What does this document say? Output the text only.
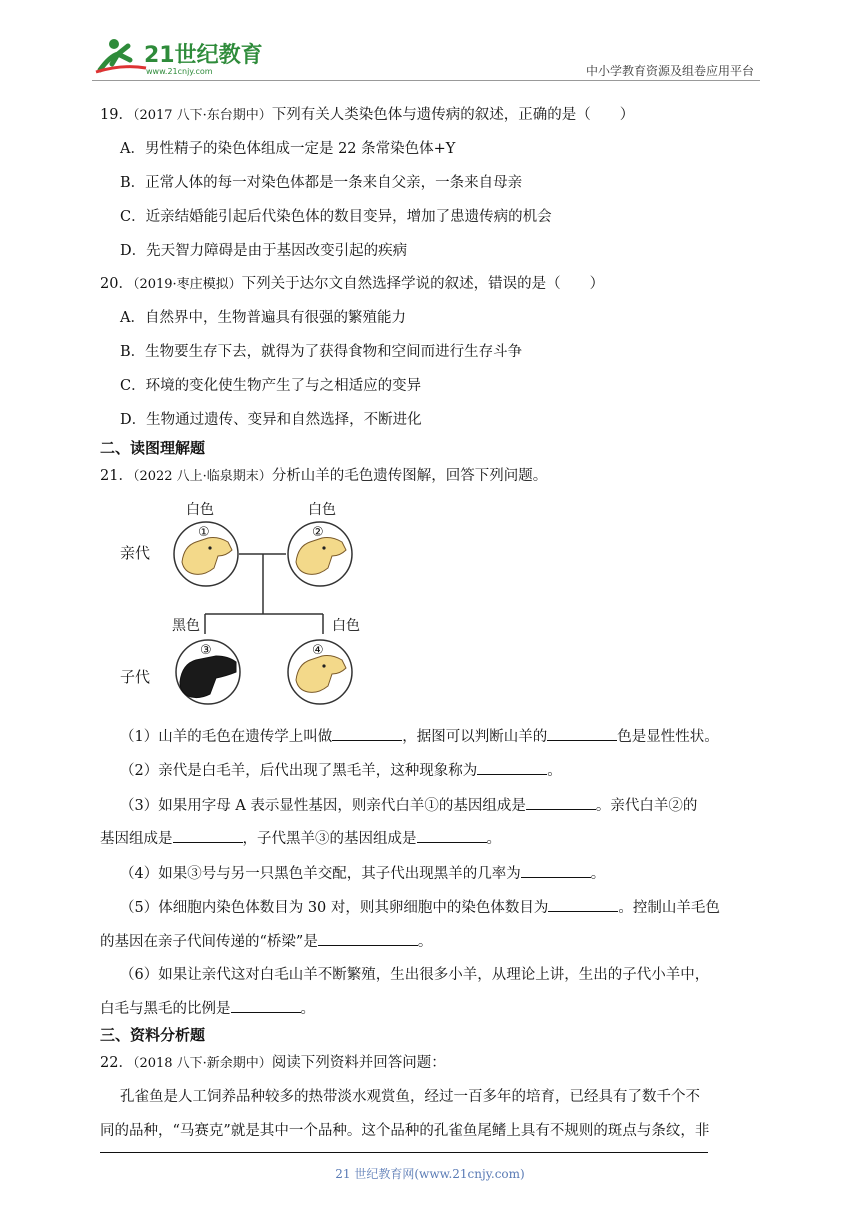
21世纪教育
www.21cnjy.com	中小学教育资源及组卷应用平台
19．（2017 八下·东台期中）下列有关人类染色体与遗传病的叙述，正确的是（　　）
A．男性精子的染色体组成一定是 22 条常染色体+Y
B．正常人体的每一对染色体都是一条来自父亲，一条来自母亲
C．近亲结婚能引起后代染色体的数目变异，增加了患遗传病的机会
D．先天智力障碍是由于基因改变引起的疾病
20．（2019·枣庄模拟）下列关于达尔文自然选择学说的叙述，错误的是（　　）
A．自然界中，生物普遍具有很强的繁殖能力
B．生物要生存下去，就得为了获得食物和空间而进行生存斗争
C．环境的变化使生物产生了与之相适应的变异
D．生物通过遗传、变异和自然选择，不断进化
二、读图理解题
21．（2022 八上·临泉期末）分析山羊的毛色遗传图解，回答下列问题。
亲代
子代
白色
①
白色
②
黑色
③
白色
④
（1）山羊的毛色在遗传学上叫做	，据图可以判断山羊的	色是显性性状。
（2）亲代是白毛羊，后代出现了黑毛羊，这种现象称为	。
（3）如果用字母 A 表示显性基因，则亲代白羊①的基因组成是	。亲代白羊②的
基因组成是	，子代黑羊③的基因组成是	。
（4）如果③号与另一只黑色羊交配，其子代出现黑羊的几率为	。
（5）体细胞内染色体数目为 30 对，则其卵细胞中的染色体数目为	。控制山羊毛色
的基因在亲子代间传递的“桥梁”是	。
（6）如果让亲代这对白毛山羊不断繁殖，生出很多小羊，从理论上讲，生出的子代小羊中，
白毛与黑毛的比例是	。
三、资料分析题
22．（2018 八下·新余期中）阅读下列资料并回答问题：
孔雀鱼是人工饲养品种较多的热带淡水观赏鱼，经过一百多年的培育，已经具有了数千个不
同的品种，“马赛克”就是其中一个品种。这个品种的孔雀鱼尾鳍上具有不规则的斑点与条纹，非
21 世纪教育网(www.21cnjy.com)
